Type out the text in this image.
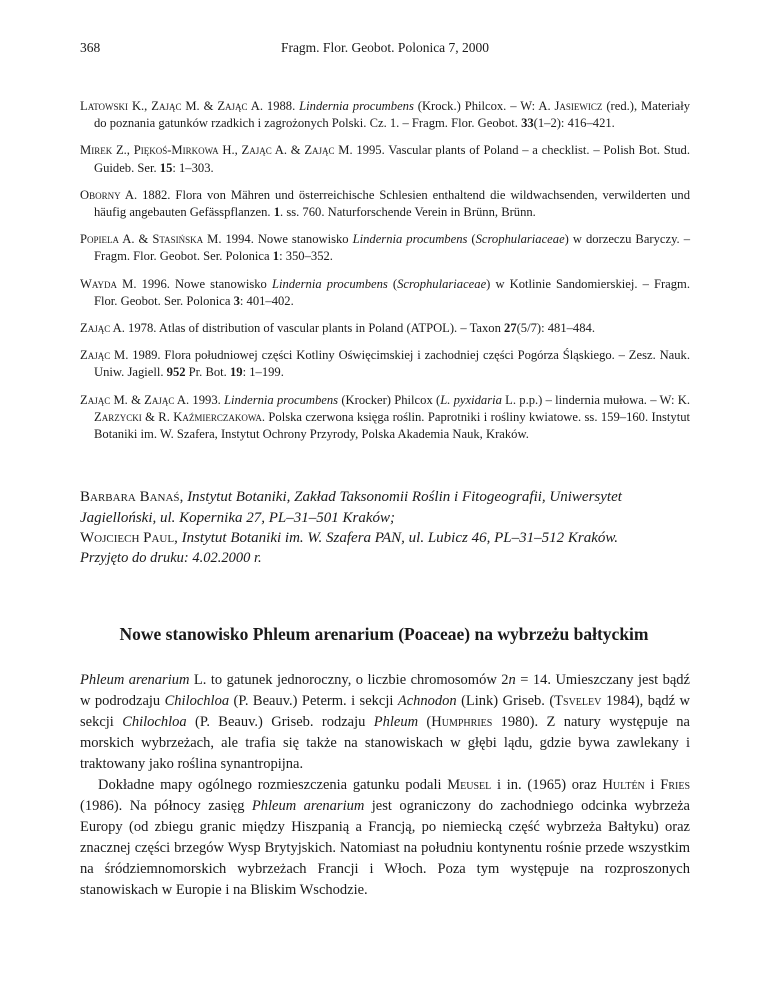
368	Fragm. Flor. Geobot. Polonica 7, 2000

Latowski K., Zając M. & Zając A. 1988. Lindernia procumbens (Krock.) Philcox. – W: A. Jasiewicz (red.), Materiały do poznania gatunków rzadkich i zagrożonych Polski. Cz. 1. – Fragm. Flor. Geobot. 33(1–2): 416–421.

Mirek Z., Piękoś-Mirkowa H., Zając A. & Zając M. 1995. Vascular plants of Poland – a checklist. – Polish Bot. Stud. Guideb. Ser. 15: 1–303.

Oborny A. 1882. Flora von Mähren und österreichische Schlesien enthaltend die wildwachsenden, verwilderten und häufig angebauten Gefässpflanzen. 1. ss. 760. Naturforschende Verein in Brünn, Brünn.

Popiela A. & Stasińska M. 1994. Nowe stanowisko Lindernia procumbens (Scrophulariaceae) w dorzeczu Baryczy. – Fragm. Flor. Geobot. Ser. Polonica 1: 350–352.

Wayda M. 1996. Nowe stanowisko Lindernia procumbens (Scrophulariaceae) w Kotlinie Sandomierskiej. – Fragm. Flor. Geobot. Ser. Polonica 3: 401–402.

Zając A. 1978. Atlas of distribution of vascular plants in Poland (ATPOL). – Taxon 27(5/7): 481–484.

Zając M. 1989. Flora południowej części Kotliny Oświęcimskiej i zachodniej części Pogórza Śląskiego. – Zesz. Nauk. Uniw. Jagiell. 952 Pr. Bot. 19: 1–199.

Zając M. & Zając A. 1993. Lindernia procumbens (Krocker) Philcox (L. pyxidaria L. p.p.) – lindernia mułowa. – W: K. Zarzycki & R. Kaźmierczakowa. Polska czerwona księga roślin. Paprotniki i rośliny kwiatowe. ss. 159–160. Instytut Botaniki im. W. Szafera, Instytut Ochrony Przyrody, Polska Akademia Nauk, Kraków.

Barbara Banaś, Instytut Botaniki, Zakład Taksonomii Roślin i Fitogeografii, Uniwersytet Jagielloński, ul. Kopernika 27, PL–31–501 Kraków;

Wojciech Paul, Instytut Botaniki im. W. Szafera PAN, ul. Lubicz 46, PL–31–512 Kraków.

Przyjęto do druku: 4.02.2000 r.
Nowe stanowisko Phleum arenarium (Poaceae) na wybrzeżu bałtyckim

Phleum arenarium L. to gatunek jednoroczny, o liczbie chromosomów 2n = 14. Umieszczany jest bądź w podrodzaju Chilochloa (P. Beauv.) Peterm. i sekcji Achnodon (Link) Griseb. (Tsvelev 1984), bądź w sekcji Chilochloa (P. Beauv.) Griseb. rodzaju Phleum (Humphries 1980). Z natury występuje na morskich wybrzeżach, ale trafia się także na stanowiskach w głębi lądu, gdzie bywa zawlekany i traktowany jako roślina synantropijna.

Dokładne mapy ogólnego rozmieszczenia gatunku podali Meusel i in. (1965) oraz Hultén i Fries (1986). Na północy zasięg Phleum arenarium jest ograniczony do zachodniego odcinka wybrzeża Europy (od zbiegu granic między Hiszpanią a Francją, po niemiecką część wybrzeża Bałtyku) oraz znacznej części brzegów Wysp Brytyjskich. Natomiast na południu kontynentu rośnie przede wszystkim na śródziemnomorskich wybrzeżach Francji i Włoch. Poza tym występuje na rozproszonych stanowiskach w Europie i na Bliskim Wschodzie.
